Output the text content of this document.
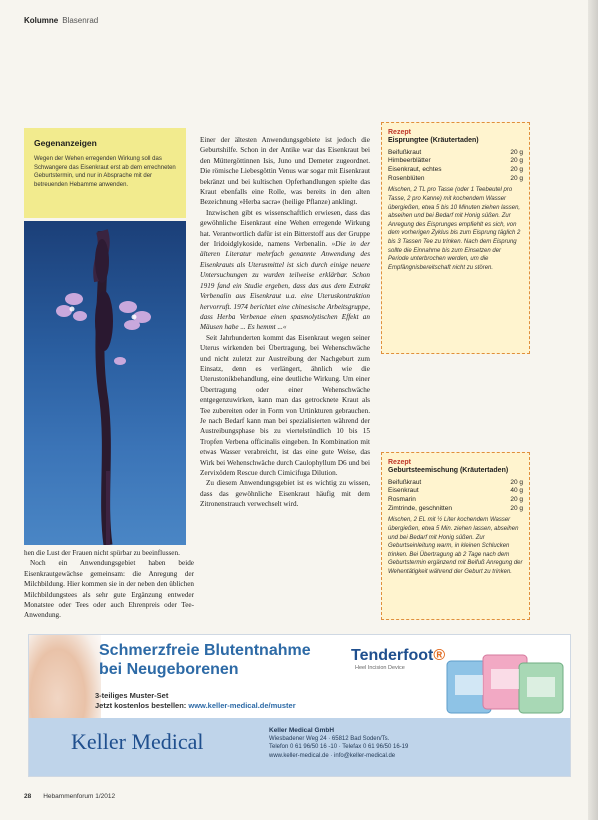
Kolumne Blasenrad
Gegenanzeigen

Wegen der Wehen erregenden Wirkung soll das Schwangere das Eisenkraut erst ab dem errechneten Geburtstermin, und nur in Absprache mit der betreuenden Hebamme anwenden.

hen die Lust der Frauen nicht spürbar zu beeinflussen.

Noch ein Anwendungsgebiet haben beide Eisenkrautgewächse gemeinsam: die Anregung der Milchbildung. Hier kommen sie in der neben den üblichen Milchbildungstees als sehr gute Ergänzung entweder Monatstee oder Tees oder auch Ehrenpreis oder Tee-Anwendung.

Einer der ältesten Anwendungsgebiete ist jedoch die Geburtshilfe. Schon in der Antike war das Eisenkraut bei den Müttergöttinnen Isis, Juno und Demeter zugeordnet. Die römische Liebesgöttin Venus war sogar mit Eisenkraut bekränzt und bei kultischen Opferhandlungen spielte das Kraut ebenfalls eine Rolle, was bereits in den alten Bezeichnung »Herba sacra« (heilige Pflanze) anklingt.

Inzwischen gibt es wissenschaftlich erwiesen, dass das gewöhnliche Eisenkraut eine Wehen erregende Wirkung hat. Verantwortlich dafür ist ein Bitterstoff aus der Gruppe der Iridoidglykoside, namens Verbenalin. »Die in der älteren Literatur mehrfach genannte Anwendung des Eisenkrauts als Uterusmittel ist sich durch einige neuere Untersuchungen zu wurden teilweise erklärbar. Schon 1919 fand ein Studie ergeben, dass das aus dem Extrakt Verbenalin aus Eisenkraut u.a. eine Uteruskontraktion hervorruft. 1974 berichtet eine chinesische Arbeitsgruppe, dass Herba Verbenae einen spasmolytischen Effekt an Mäusen habe ... Es hemmt ...«

Seit Jahrhunderten kommt das Eisenkraut wegen seiner Uterus wirkenden bei Übertragung, bei Wehenschwäche und nicht zuletzt zur Austreibung der Nachgeburt zum Einsatz, denn es verlängert, ähnlich wie die Uterustonikbehandlung, eine deutliche Wirkung. Um einer Übertragung oder einer Wehenschwäche entgegenzuwirken, kann man das getrocknete Kraut als Tee zubereiten oder in Form von Urtinkturen gebrauchen. Je nach Bedarf kann man bei spezialisierten während der Austreibungsphase bis zu viertelstündlich 10 bis 15 Tropfen Verbena officinalis eingeben. In Kombination mit etwas Wasser verabreicht, ist das eine gute Weise, das Wirk bei Wehenschwäche durch Caulophyllum D6 und bei Zervixödem Rescue durch Cimicifuga Dilution.

Zu diesem Anwendungsgebiet ist es wichtig zu wissen, dass das gewöhnliche Eisenkraut häufig mit dem Zitronenstrauch verwechselt wird.

Rezept
Eisprungtee (Kräutertaden)
Beifußkraut	20 g
Himbeerblätter	20 g
Eisenkraut, echtes	20 g
Rosenblüten	20 g
Mischen, 2 TL pro Tasse (oder 1 Teebeutel pro Tasse, 2 pro Kanne) mit kochendem Wasser übergießen, etwa 5 bis 10 Minuten ziehen lassen, abseihen und bei Bedarf mit Honig süßen. Zur Anregung des Eisprunges empfiehlt es sich, von dem vorherigen Zyklus bis zum Eisprung täglich 2 bis 3 Tassen Tee zu trinken. Nach dem Eisprung sollte die Einnahme bis zum Einsetzen der Periode unterbrochen werden, um die Empfängnisbereitschaft nicht zu stören.
Rezept
Geburtsteemischung (Kräutertaden)
Beifußkraut	20 g
Eisenkraut	40 g
Rosmarin	20 g
Zimtrinde, geschnitten	20 g
Mischen, 2 EL mit ½ Liter kochendem Wasser übergießen, etwa 5 Min. ziehen lassen, abseihen und bei Bedarf mit Honig süßen. Zur Geburtseinleitung warm, in kleinen Schlucken trinken. Bei Übertragung ab 2 Tage nach dem Geburtstermin ergänzend mit Beifuß Anregung der Wehentätigkeit während der Geburt zu trinken.
Schmerzfreie Blutentnahme
bei Neugeborenen
3-teiliges Muster-Set
Jetzt kostenlos bestellen: www.keller-medical.de/muster
Tenderfoot®
Heel Incision Device
Keller Medical	Keller Medical GmbH
Wiesbadener Weg 24 · 65812 Bad Soden/Ts.
Telefon 0 61 96/50 16 -10 · Telefax 0 61 96/50 16-19
www.keller-medical.de · info@keller-medical.de
28 Hebammenforum 1/2012
